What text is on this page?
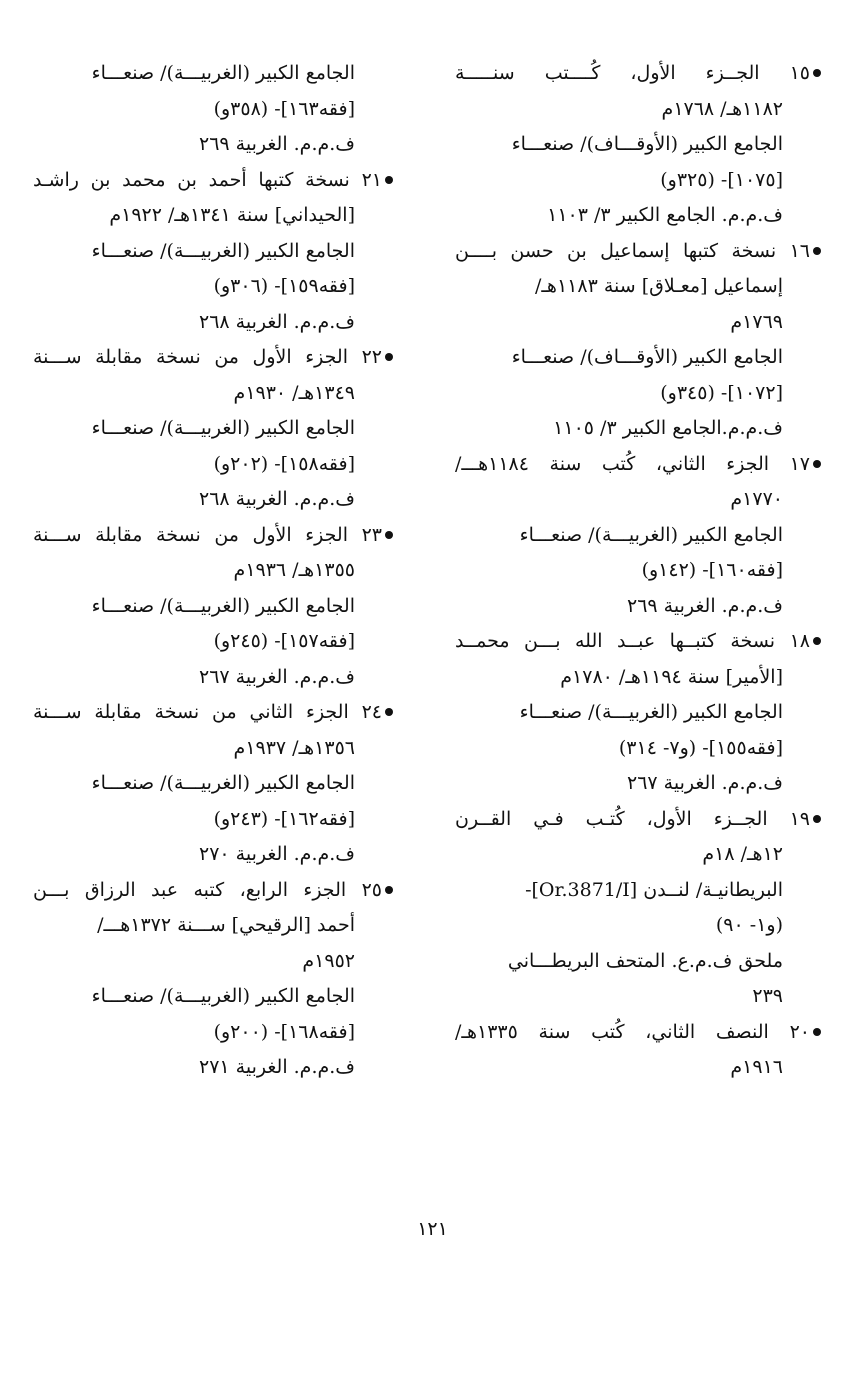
١٥ الجــزء الأول، كُــــتب سنـــــة
١١٨٢هـ/ ١٧٦٨م
الجامع الكبير (الأوقـــاف)/ صنعـــاء
[١٠٧٥]- (٣٢٥و)
ف.م.م. الجامع الكبير ٣/ ١١٠٣
١٦ نسخة كتبها إسماعيل بن حسن بــــن
إسماعيل [معـلاق] سنة ١١٨٣هـ/
١٧٦٩م
الجامع الكبير (الأوقـــاف)/ صنعـــاء
[١٠٧٢]- (٣٤٥و)
ف.م.م.الجامع الكبير ٣/ ١١٠٥
١٧ الجزء الثاني، كُتب سنة ١١٨٤هـــ/
١٧٧٠م
الجامع الكبير (الغربيـــة)/ صنعـــاء
[فقه١٦٠]- (١٤٢و)
ف.م.م. الغربية ٢٦٩
١٨ نسخة كتبــها عبــد الله بـــن محمــد
[الأمير] سنة ١١٩٤هـ/ ١٧٨٠م
الجامع الكبير (الغربيـــة)/ صنعـــاء
[فقه١٥٥]- (و٧- ٣١٤)
ف.م.م. الغربية ٢٦٧
١٩ الجــزء الأول، كُتـب فـي القــرن
١٢هـ/ ١٨م
البريطانيـة/ لنــدن [Or.3871/I]-
(و١- ٩٠)
ملحق ف.م.ع. المتحف البريطـــاني
٢٣٩
٢٠ النصف الثاني، كُتب سنة ١٣٣٥هـ/
١٩١٦م
الجامع الكبير (الغربيـــة)/ صنعـــاء
[فقه١٦٣]- (٣٥٨و)
ف.م.م. الغربية ٢٦٩
٢١ نسخة كتبها أحمد بن محمد بن راشـد
[الحيداني] سنة ١٣٤١هـ/ ١٩٢٢م
الجامع الكبير (الغربيـــة)/ صنعـــاء
[فقه١٥٩]- (٣٠٦و)
ف.م.م. الغربية ٢٦٨
٢٢ الجزء الأول من نسخة مقابلة ســـنة
١٣٤٩هـ/ ١٩٣٠م
الجامع الكبير (الغربيـــة)/ صنعـــاء
[فقه١٥٨]- (٢٠٢و)
ف.م.م. الغربية ٢٦٨
٢٣ الجزء الأول من نسخة مقابلة ســـنة
١٣٥٥هـ/ ١٩٣٦م
الجامع الكبير (الغربيـــة)/ صنعـــاء
[فقه١٥٧]- (٢٤٥و)
ف.م.م. الغربية ٢٦٧
٢٤ الجزء الثاني من نسخة مقابلة ســـنة
١٣٥٦هـ/ ١٩٣٧م
الجامع الكبير (الغربيـــة)/ صنعـــاء
[فقه١٦٢]- (٢٤٣و)
ف.م.م. الغربية ٢٧٠
٢٥ الجزء الرابع، كتبه عبد الرزاق بـــن
أحمد [الرقيحي] ســـنة ١٣٧٢هـــ/
١٩٥٢م
الجامع الكبير (الغربيـــة)/ صنعـــاء
[فقه١٦٨]- (٢٠٠و)
ف.م.م. الغربية ٢٧١
١٢١
